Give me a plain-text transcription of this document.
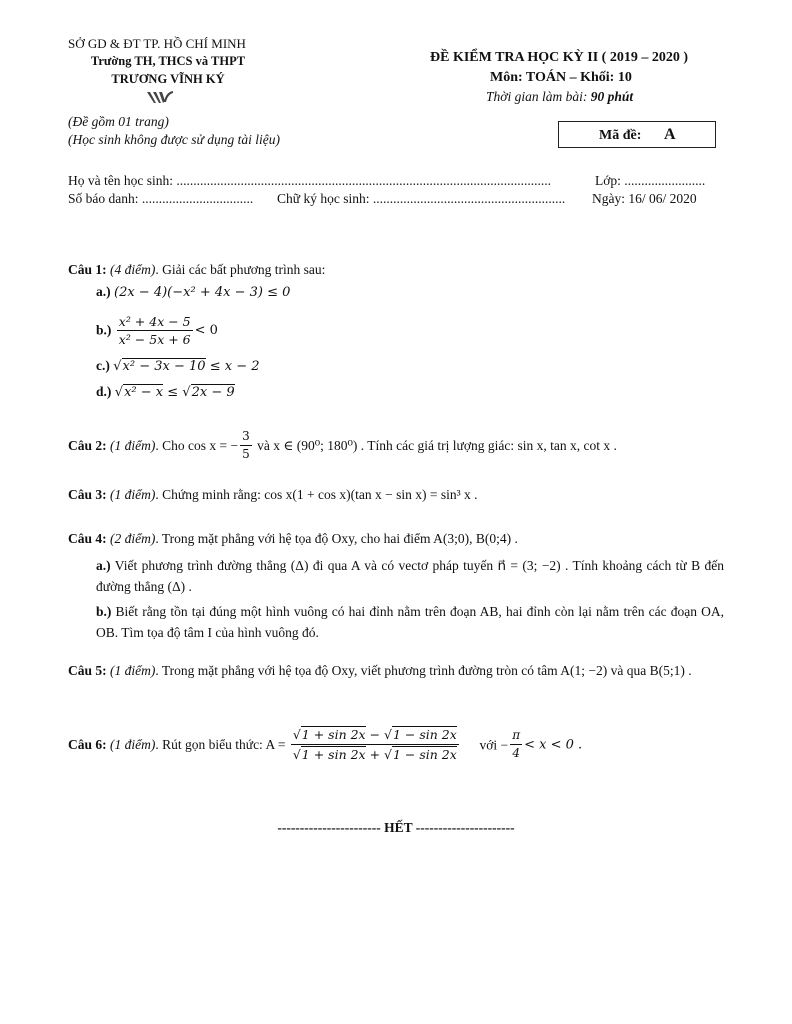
SỞ GD & ĐT TP. HỒ CHÍ MINH
Trường TH, THCS và THPT
TRƯƠNG VĨNH KÝ
(Đề gồm 01 trang)
(Học sinh không được sử dụng tài liệu)
ĐỀ KIỂM TRA HỌC KỲ II ( 2019 – 2020 )
Môn: TOÁN – Khối: 10
Thời gian làm bài: 90 phút
Mã đề: A
Họ và tên học sinh: ...............................................................................................................	Lớp: ........................
Số báo danh: ................................. Chữ ký học sinh: ......................................................... Ngày: 16/ 06/ 2020
Câu 1: (4 điểm). Giải các bất phương trình sau:
a.) (2x − 4)(−x² + 4x − 3) ≤ 0
$b.) \frac{\text{x² + 4x − 5}}{\text{x² − 5x + 6}} < 0$
c.) √x² − 3x − 10 ≤ x − 2
d.) √x² − x ≤ √2x − 9
Câu 2: (1 điểm). Cho cos x = − $\frac{3}{5}$ và x ∈ (90⁰; 180⁰) . Tính các giá trị lượng giác: sin x, tan x, cot x .
Câu 3: (1 điểm). Chứng minh rằng: cos x(1 + cos x)(tan x − sin x) = sin³ x .
Câu 4: (2 điểm). Trong mặt phẳng với hệ tọa độ Oxy, cho hai điểm A(3;0), B(0;4) .
a.) Viết phương trình đường thẳng (Δ) đi qua A và có vectơ pháp tuyến n⃗ = (3; −2) . Tính khoảng cách từ B đến đường thẳng (Δ) .
b.) Biết rằng tồn tại đúng một hình vuông có hai đỉnh nằm trên đoạn AB, hai đỉnh còn lại nằm trên các đoạn OA, OB. Tìm tọa độ tâm I của hình vuông đó.
Câu 5: (1 điểm). Trong mặt phẳng với hệ tọa độ Oxy, viết phương trình đường tròn có tâm A(1; −2) và qua B(5;1) .
Câu 6: (1 điểm). Rút gọn biểu thức: $A = \frac{√1 + \sin 2x - √1 - \sin 2x}{√1 + \sin 2x + √1 - \sin 2x}$ với − $\frac{\pi}{4} < x < 0$ .
----------------------- HẾT ----------------------
